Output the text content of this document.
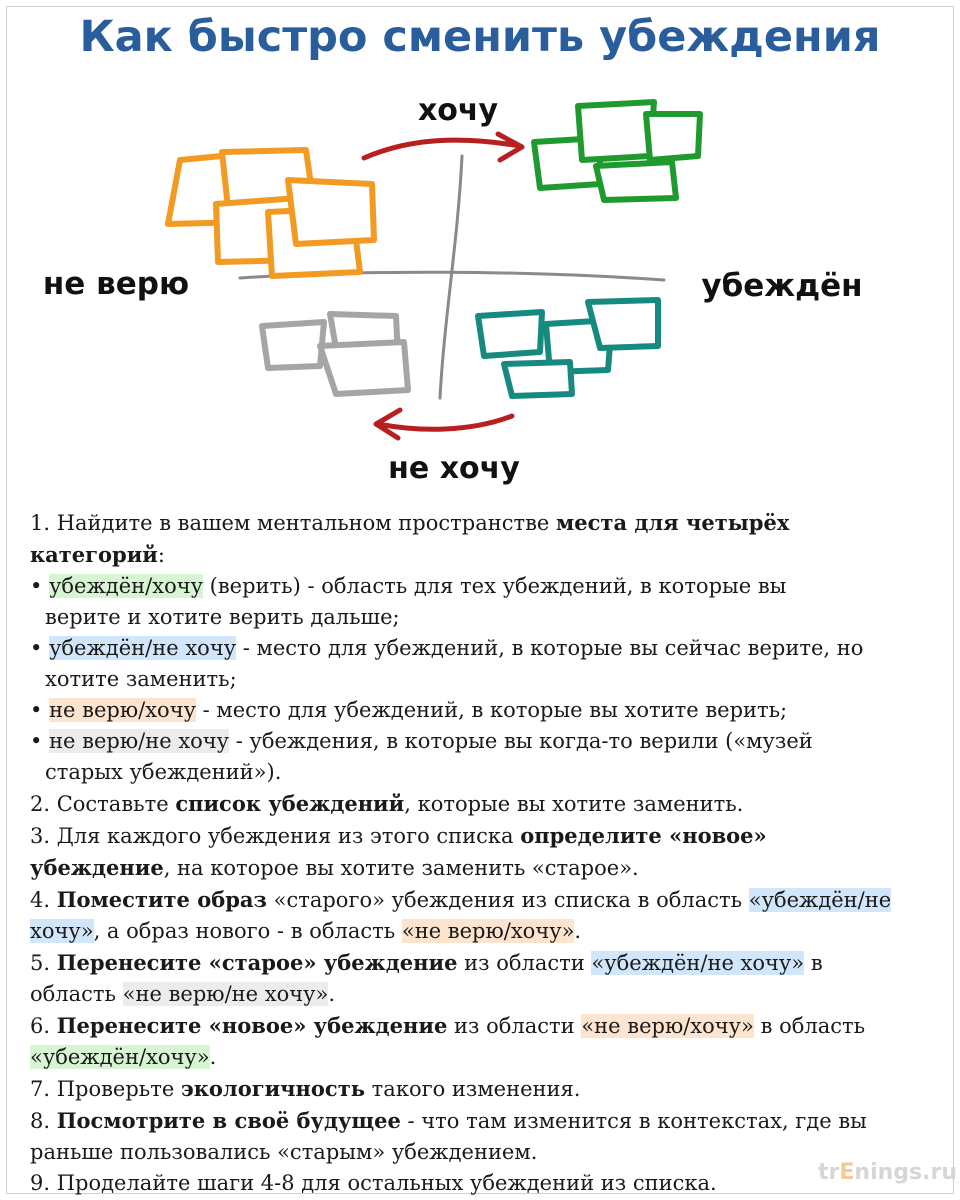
Как быстро сменить убеждения
хочу
не хочу
не верю	убеждён
1. Найдите в вашем ментальном пространстве места для четырёх
категорий:
• убеждён/хочу (верить) - область для тех убеждений, в которые вы
верите и хотите верить дальше;
• убеждён/не хочу - место для убеждений, в которые вы сейчас верите, но
хотите заменить;
• не верю/хочу - место для убеждений, в которые вы хотите верить;
• не верю/не хочу - убеждения, в которые вы когда-то верили («музей
старых убеждений»).
2. Составьте список убеждений, которые вы хотите заменить.
3. Для каждого убеждения из этого списка определите «новое»
убеждение, на которое вы хотите заменить «старое».
4. Поместите образ «старого» убеждения из списка в область «убеждён/не
хочу», а образ нового - в область «не верю/хочу».
5. Перенесите «старое» убеждение из области «убеждён/не хочу» в
область «не верю/не хочу».
6. Перенесите «новое» убеждение из области «не верю/хочу» в область
«убеждён/хочу».
7. Проверьте экологичность такого изменения.
8. Посмотрите в своё будущее - что там изменится в контекстах, где вы
раньше пользовались «старым» убеждением.
9. Проделайте шаги 4-8 для остальных убеждений из списка.	trEnings.ru
